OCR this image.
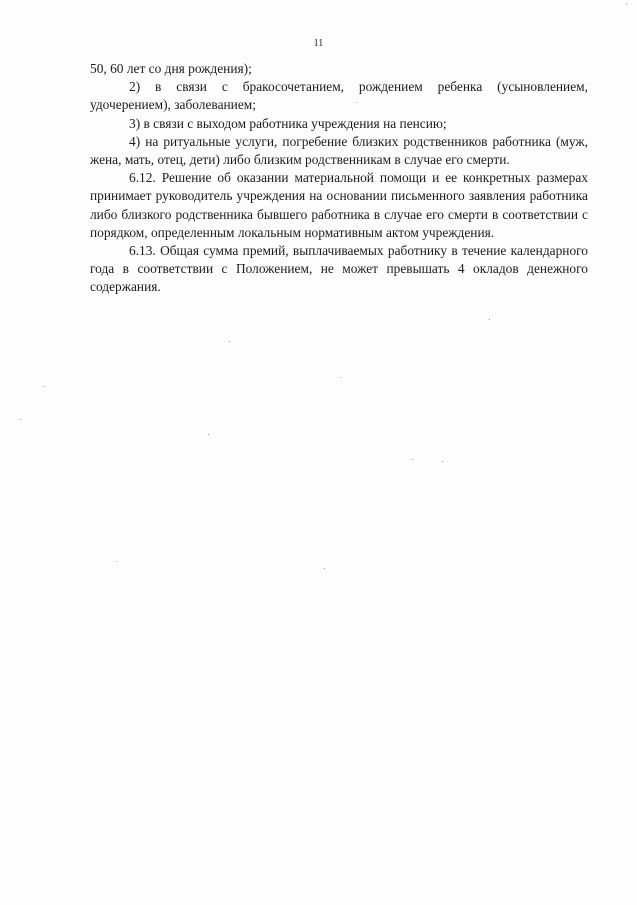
11

50, 60 лет со дня рождения);

2) в связи с бракосочетанием, рождением ребенка (усыновлением, удочерением), заболеванием;

3) в связи с выходом работника учреждения на пенсию;

4) на ритуальные услуги, погребение близких родственников работника (муж, жена, мать, отец, дети) либо близким родственникам в случае его смерти.

6.12. Решение об оказании материальной помощи и ее конкретных размерах принимает руководитель учреждения на основании письменного заявления работника либо близкого родственника бывшего работника в случае его смерти в соответствии с порядком, определенным локальным нормативным актом учреждения.

6.13. Общая сумма премий, выплачиваемых работнику в течение календарного года в соответствии с Положением, не может превышать 4 окладов денежного содержания.
